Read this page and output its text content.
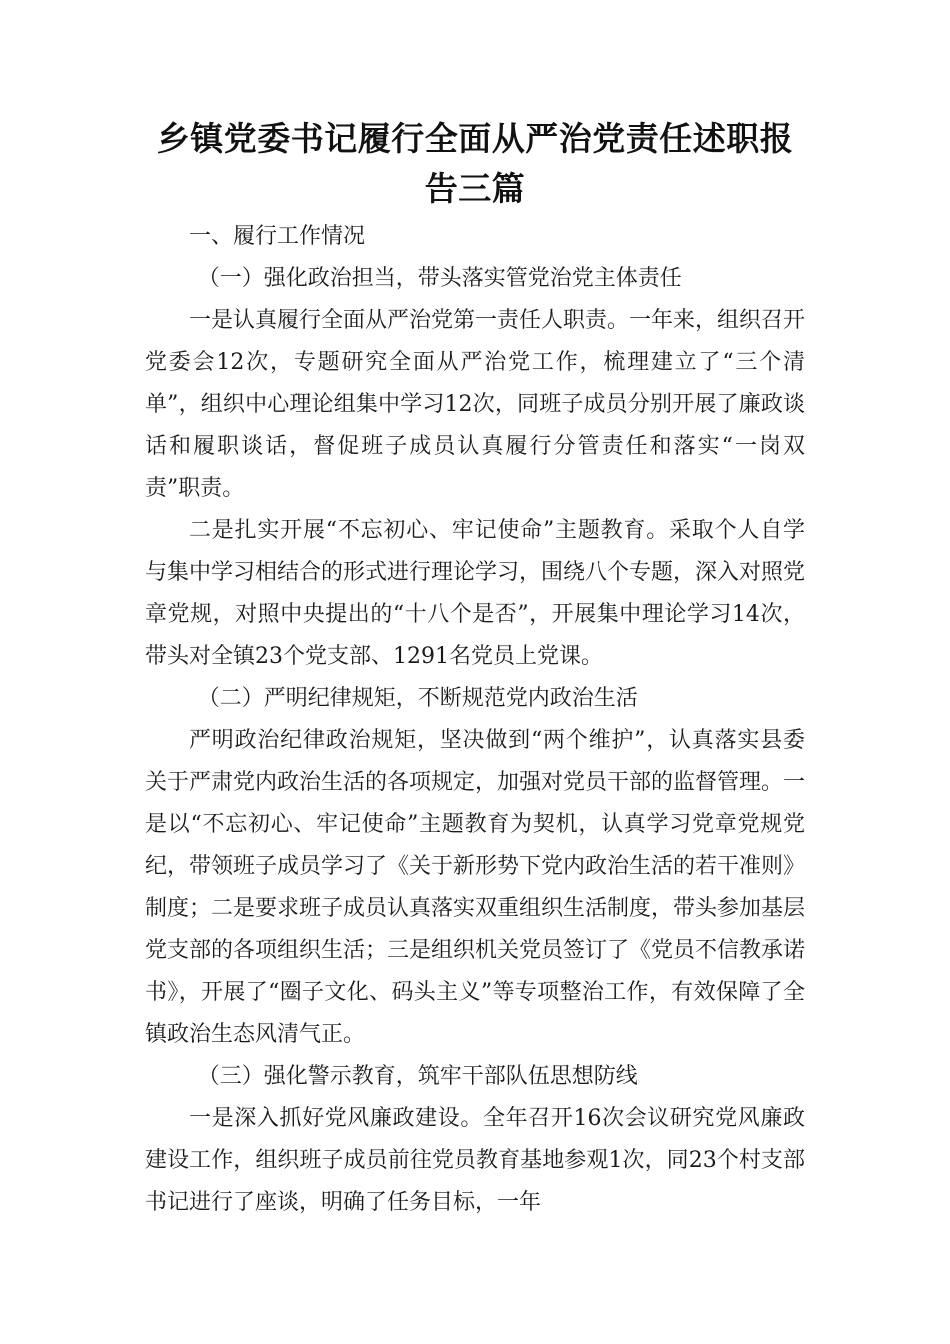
乡镇党委书记履行全面从严治党责任述职报告三篇

一、履行工作情况

（一）强化政治担当，带头落实管党治党主体责任

一是认真履行全面从严治党第一责任人职责。一年来，组织召开党委会12次，专题研究全面从严治党工作，梳理建立了“三个清单”，组织中心理论组集中学习12次，同班子成员分别开展了廉政谈话和履职谈话，督促班子成员认真履行分管责任和落实“一岗双责”职责。

二是扎实开展“不忘初心、牢记使命”主题教育。采取个人自学与集中学习相结合的形式进行理论学习，围绕八个专题，深入对照党章党规，对照中央提出的“十八个是否”，开展集中理论学习14次，带头对全镇23个党支部、1291名党员上党课。

（二）严明纪律规矩，不断规范党内政治生活

严明政治纪律政治规矩，坚决做到“两个维护”，认真落实县委关于严肃党内政治生活的各项规定，加强对党员干部的监督管理。一是以“不忘初心、牢记使命”主题教育为契机，认真学习党章党规党纪，带领班子成员学习了《关于新形势下党内政治生活的若干准则》制度；二是要求班子成员认真落实双重组织生活制度，带头参加基层党支部的各项组织生活；三是组织机关党员签订了《党员不信教承诺书》，开展了“圈子文化、码头主义”等专项整治工作，有效保障了全镇政治生态风清气正。

（三）强化警示教育，筑牢干部队伍思想防线

一是深入抓好党风廉政建设。全年召开16次会议研究党风廉政建设工作，组织班子成员前往党员教育基地参观1次，同23个村支部书记进行了座谈，明确了任务目标，一年
